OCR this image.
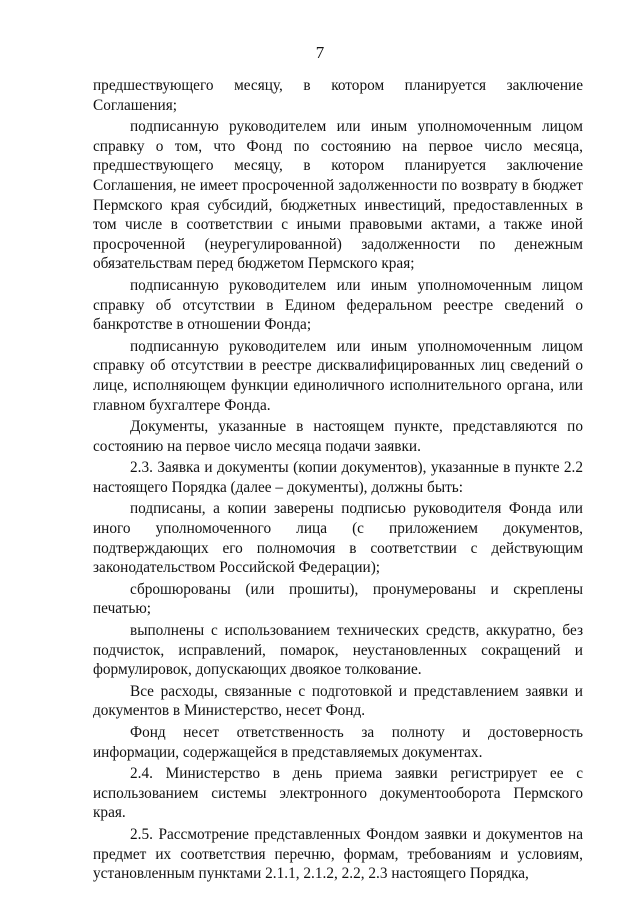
7

предшествующего месяцу, в котором планируется заключение Соглашения;

подписанную руководителем или иным уполномоченным лицом справку о том, что Фонд по состоянию на первое число месяца, предшествующего месяцу, в котором планируется заключение Соглашения, не имеет просроченной задолженности по возврату в бюджет Пермского края субсидий, бюджетных инвестиций, предоставленных в том числе в соответствии с иными правовыми актами, а также иной просроченной (неурегулированной) задолженности по денежным обязательствам перед бюджетом Пермского края;

подписанную руководителем или иным уполномоченным лицом справку об отсутствии в Едином федеральном реестре сведений о банкротстве в отношении Фонда;

подписанную руководителем или иным уполномоченным лицом справку об отсутствии в реестре дисквалифицированных лиц сведений о лице, исполняющем функции единоличного исполнительного органа, или главном бухгалтере Фонда.

Документы, указанные в настоящем пункте, представляются по состоянию на первое число месяца подачи заявки.

2.3. Заявка и документы (копии документов), указанные в пункте 2.2 настоящего Порядка (далее – документы), должны быть:

подписаны, а копии заверены подписью руководителя Фонда или иного уполномоченного лица (с приложением документов, подтверждающих его полномочия в соответствии с действующим законодательством Российской Федерации);

сброшюрованы (или прошиты), пронумерованы и скреплены печатью;

выполнены с использованием технических средств, аккуратно, без подчисток, исправлений, помарок, неустановленных сокращений и формулировок, допускающих двоякое толкование.

Все расходы, связанные с подготовкой и представлением заявки и документов в Министерство, несет Фонд.

Фонд несет ответственность за полноту и достоверность информации, содержащейся в представляемых документах.

2.4. Министерство в день приема заявки регистрирует ее с использованием системы электронного документооборота Пермского края.

2.5. Рассмотрение представленных Фондом заявки и документов на предмет их соответствия перечню, формам, требованиям и условиям, установленным пунктами 2.1.1, 2.1.2, 2.2, 2.3 настоящего Порядка,
